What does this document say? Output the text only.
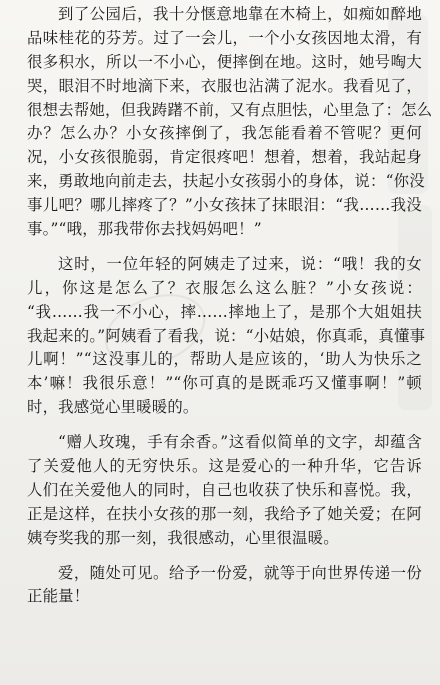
到了公园后，我十分惬意地靠在木椅上，如痴如醉地
品味桂花的芬芳。过了一会儿，一个小女孩因地太滑，有
很多积水，所以一不小心，便摔倒在地。这时，她号啕大
哭，眼泪不时地滴下来，衣服也沾满了泥水。我看见了，
很想去帮她，但我踌躇不前，又有点胆怯，心里急了：怎么
办？怎么办？小女孩摔倒了，我怎能看着不管呢？更何
况，小女孩很脆弱，肯定很疼吧！想着，想着，我站起身
来，勇敢地向前走去，扶起小女孩弱小的身体，说：“你没
事儿吧？哪儿摔疼了？”小女孩抹了抹眼泪：“我……我没
事。”“哦，那我带你去找妈妈吧！”
这时，一位年轻的阿姨走了过来，说：“哦！我的女
儿，你这是怎么了？衣服怎么这么脏？”小女孩说：
“我……我一不小心，摔……摔地上了，是那个大姐姐扶
我起来的。”阿姨看了看我，说：“小姑娘，你真乖，真懂事
儿啊！”“这没事儿的，帮助人是应该的，‘助人为快乐之
本’嘛！我很乐意！”“你可真的是既乖巧又懂事啊！”顿
时，我感觉心里暖暖的。
“赠人玫瑰，手有余香。”这看似简单的文字，却蕴含
了关爱他人的无穷快乐。这是爱心的一种升华，它告诉
人们在关爱他人的同时，自己也收获了快乐和喜悦。我，
正是这样，在扶小女孩的那一刻，我给予了她关爱；在阿
姨夸奖我的那一刻，我很感动，心里很温暖。
爱，随处可见。给予一份爱，就等于向世界传递一份
正能量！
